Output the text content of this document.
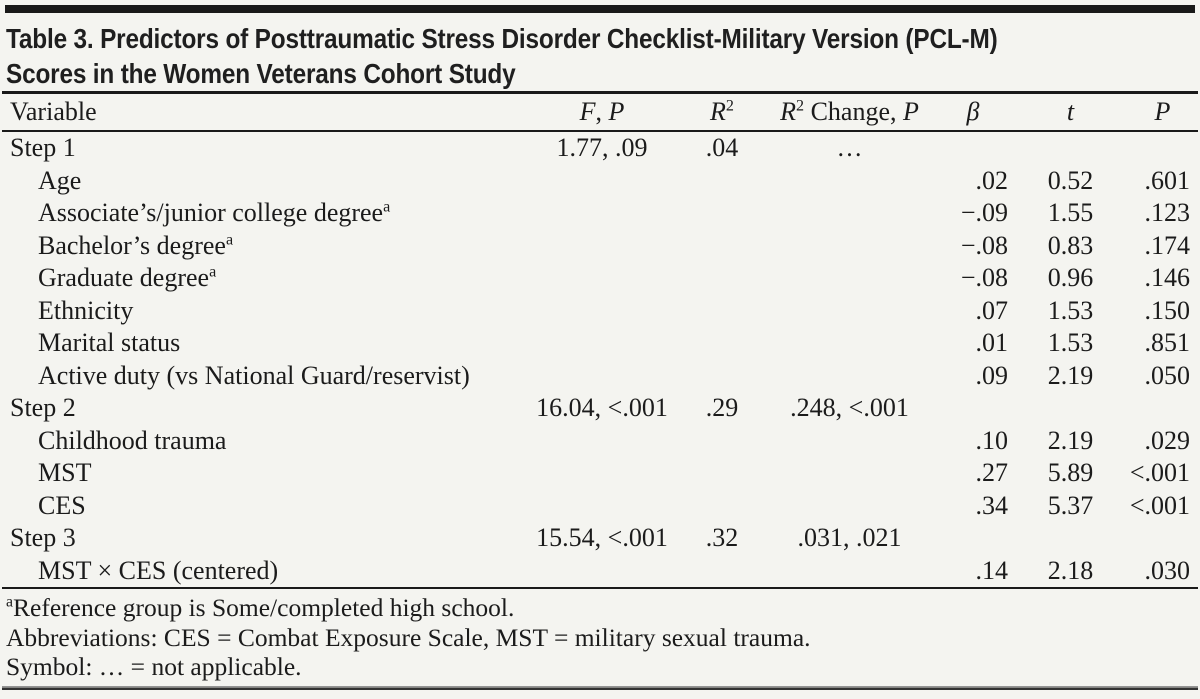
Table 3. Predictors of Posttraumatic Stress Disorder Checklist-Military Version (PCL-M)
Scores in the Women Veterans Cohort Study
Variable	F, P	$R^2$	$R^2$ Change, P	β	t	P
Step 1	1.77, .09	.04	…			
Age				.02	0.52	.601
Associate’s/junior college degree$^a$				−.09	1.55	.123
Bachelor’s degree$^a$				−.08	0.83	.174
Graduate degree$^a$				−.08	0.96	.146
Ethnicity				.07	1.53	.150
Marital status				.01	1.53	.851
Active duty (vs National Guard/reservist)				.09	2.19	.050
Step 2	16.04, <.001	.29	.248, <.001			
Childhood trauma				.10	2.19	.029
MST				.27	5.89	<.001
CES				.34	5.37	<.001
Step 3	15.54, <.001	.32	.031, .021			
MST × CES (centered)				.14	2.18	.030
$^a$Reference group is Some/completed high school.
Abbreviations: CES = Combat Exposure Scale, MST = military sexual trauma.
Symbol: … = not applicable.
